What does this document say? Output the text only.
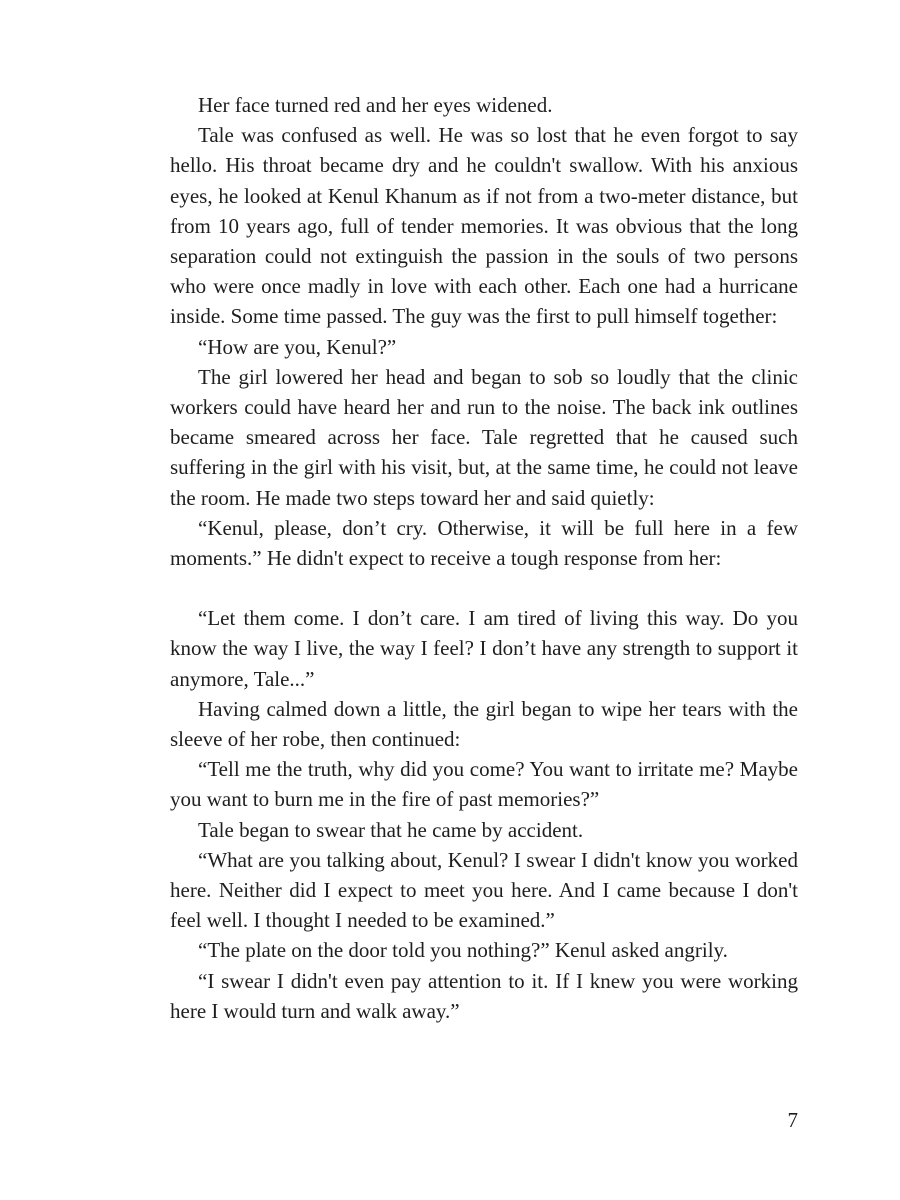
Her face turned red and her eyes widened.

Tale was confused as well. He was so lost that he even forgot to say hello. His throat became dry and he couldn't swallow. With his anxious eyes, he looked at Kenul Khanum as if not from a two-meter distance, but from 10 years ago, full of tender memories. It was obvious that the long separation could not extinguish the passion in the souls of two persons who were once madly in love with each other. Each one had a hurricane inside. Some time passed. The guy was the first to pull himself together:

“How are you, Kenul?”

The girl lowered her head and began to sob so loudly that the clinic workers could have heard her and run to the noise. The back ink outlines became smeared across her face. Tale regretted that he caused such suffering in the girl with his visit, but, at the same time, he could not leave the room. He made two steps toward her and said quietly:

“Kenul, please, don’t cry. Otherwise, it will be full here in a few moments.” He didn't expect to receive a tough response from her:

“Let them come. I don’t care. I am tired of living this way. Do you know the way I live, the way I feel? I don’t have any strength to support it anymore, Tale...”

Having calmed down a little, the girl began to wipe her tears with the sleeve of her robe, then continued:

“Tell me the truth, why did you come? You want to irritate me? Maybe you want to burn me in the fire of past memories?”

Tale began to swear that he came by accident.

“What are you talking about, Kenul? I swear I didn't know you worked here. Neither did I expect to meet you here. And I came because I don't feel well. I thought I needed to be examined.”

“The plate on the door told you nothing?” Kenul asked angrily.

“I swear I didn't even pay attention to it. If I knew you were working here I would turn and walk away.”

7
